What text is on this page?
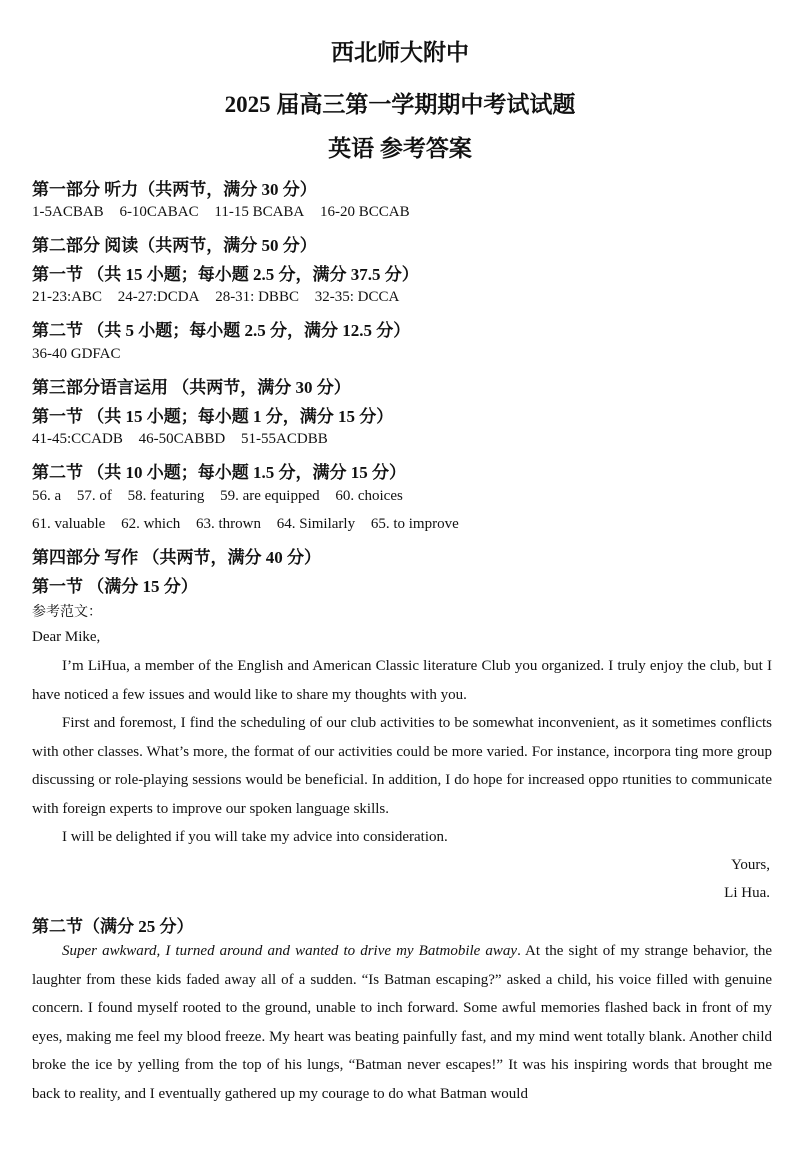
西北师大附中
2025 届高三第一学期期中考试试题
英语 参考答案
第一部分 听力（共两节，满分 30 分）
1-5ACBAB 6-10CABAC 11-15 BCABA 16-20 BCCAB
第二部分 阅读（共两节，满分 50 分）
第一节 （共 15 小题；每小题 2.5 分，满分 37.5 分）
21-23:ABC 24-27:DCDA 28-31: DBBC 32-35: DCCA
第二节 （共 5 小题；每小题 2.5 分，满分 12.5 分）
36-40 GDFAC
第三部分语言运用 （共两节，满分 30 分）
第一节 （共 15 小题；每小题 1 分，满分 15 分）
41-45:CCADB 46-50CABBD 51-55ACDBB
第二节 （共 10 小题；每小题 1.5 分，满分 15 分）
56. a 57. of 58. featuring 59. are equipped 60. choices
61. valuable 62. which 63. thrown 64. Similarly 65. to improve
第四部分 写作 （共两节，满分 40 分）
第一节 （满分 15 分）
参考范文：
Dear Mike,
I’m LiHua, a member of the English and American Classic literature Club you organized. I truly enjoy the club, but I have noticed a few issues and would like to share my thoughts with you.
First and foremost, I find the scheduling of our club activities to be somewhat inconvenient, as it sometimes conflicts with other classes. What’s more, the format of our activities could be more varied. For instance, incorpora ting more group discussing or role-playing sessions would be beneficial. In addition, I do hope for increased oppo rtunities to communicate with foreign experts to improve our spoken language skills.
I will be delighted if you will take my advice into consideration.
Yours,
Li Hua.
第二节（满分 25 分）
Super awkward, I turned around and wanted to drive my Batmobile away. At the sight of my strange behavior, the laughter from these kids faded away all of a sudden. “Is Batman escaping?” asked a child, his voice filled with genuine concern. I found myself rooted to the ground, unable to inch forward. Some awful memories flashed back in front of my eyes, making me feel my blood freeze. My heart was beating painfully fast, and my mind went totally blank. Another child broke the ice by yelling from the top of his lungs, “Batman never escapes!” It was his inspiring words that brought me back to reality, and I eventually gathered up my courage to do what Batman would
